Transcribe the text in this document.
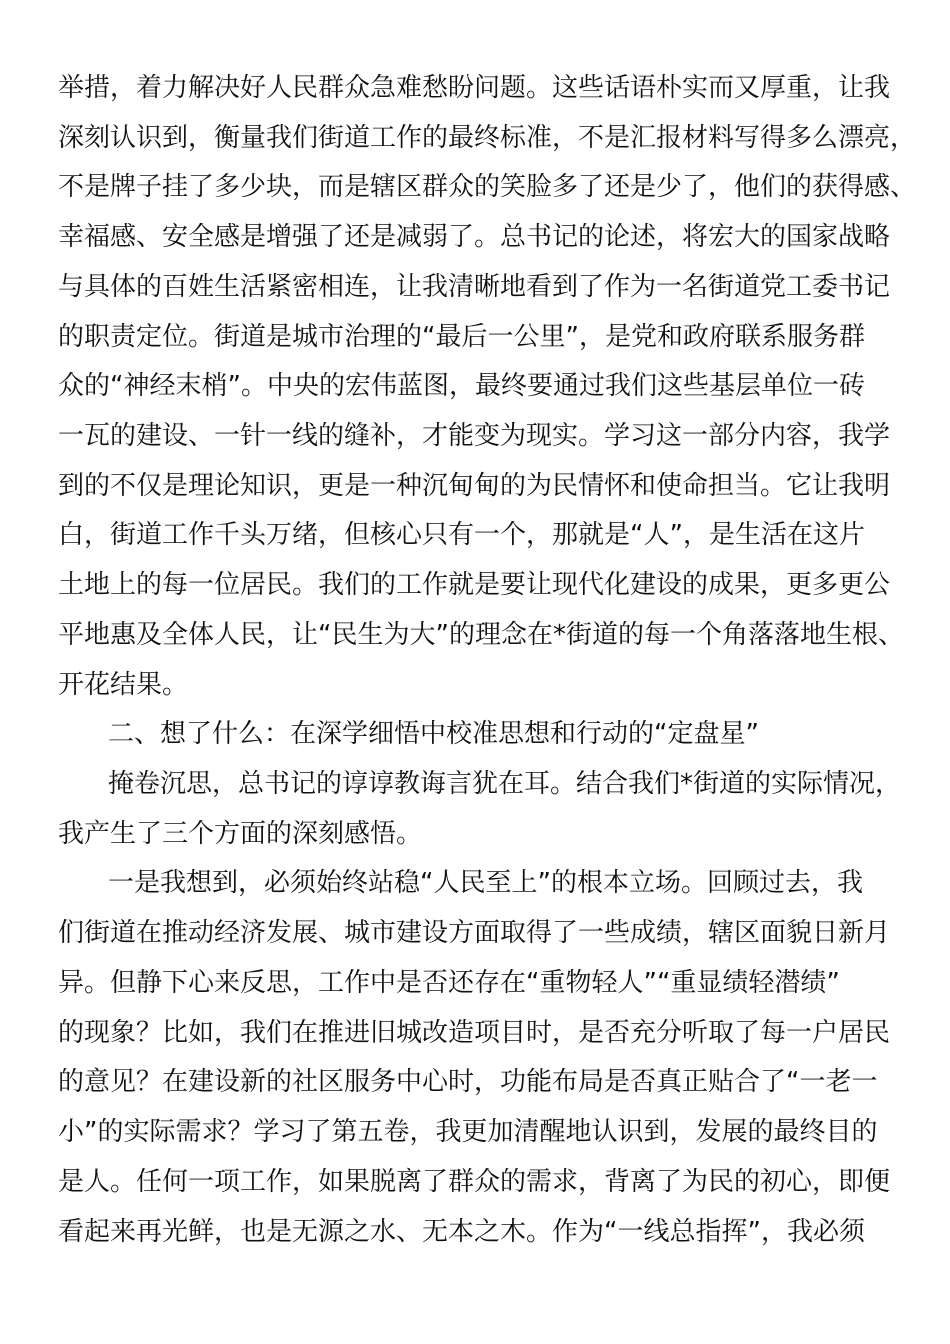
举措，着力解决好人民群众急难愁盼问题。这些话语朴实而又厚重，让我
深刻认识到，衡量我们街道工作的最终标准，不是汇报材料写得多么漂亮，
不是牌子挂了多少块，而是辖区群众的笑脸多了还是少了，他们的获得感、
幸福感、安全感是增强了还是减弱了。总书记的论述，将宏大的国家战略
与具体的百姓生活紧密相连，让我清晰地看到了作为一名街道党工委书记
的职责定位。街道是城市治理的“最后一公里”，是党和政府联系服务群
众的“神经末梢”。中央的宏伟蓝图，最终要通过我们这些基层单位一砖
一瓦的建设、一针一线的缝补，才能变为现实。学习这一部分内容，我学
到的不仅是理论知识，更是一种沉甸甸的为民情怀和使命担当。它让我明
白，街道工作千头万绪，但核心只有一个，那就是“人”，是生活在这片
土地上的每一位居民。我们的工作就是要让现代化建设的成果，更多更公
平地惠及全体人民，让“民生为大”的理念在*街道的每一个角落落地生根、
开花结果。
二、想了什么：在深学细悟中校准思想和行动的“定盘星”
掩卷沉思，总书记的谆谆教诲言犹在耳。结合我们*街道的实际情况，
我产生了三个方面的深刻感悟。
一是我想到，必须始终站稳“人民至上”的根本立场。回顾过去，我
们街道在推动经济发展、城市建设方面取得了一些成绩，辖区面貌日新月
异。但静下心来反思，工作中是否还存在“重物轻人”“重显绩轻潜绩”
的现象？比如，我们在推进旧城改造项目时，是否充分听取了每一户居民
的意见？在建设新的社区服务中心时，功能布局是否真正贴合了“一老一
小”的实际需求？学习了第五卷，我更加清醒地认识到，发展的最终目的
是人。任何一项工作，如果脱离了群众的需求，背离了为民的初心，即便
看起来再光鲜，也是无源之水、无本之木。作为“一线总指挥”，我必须
